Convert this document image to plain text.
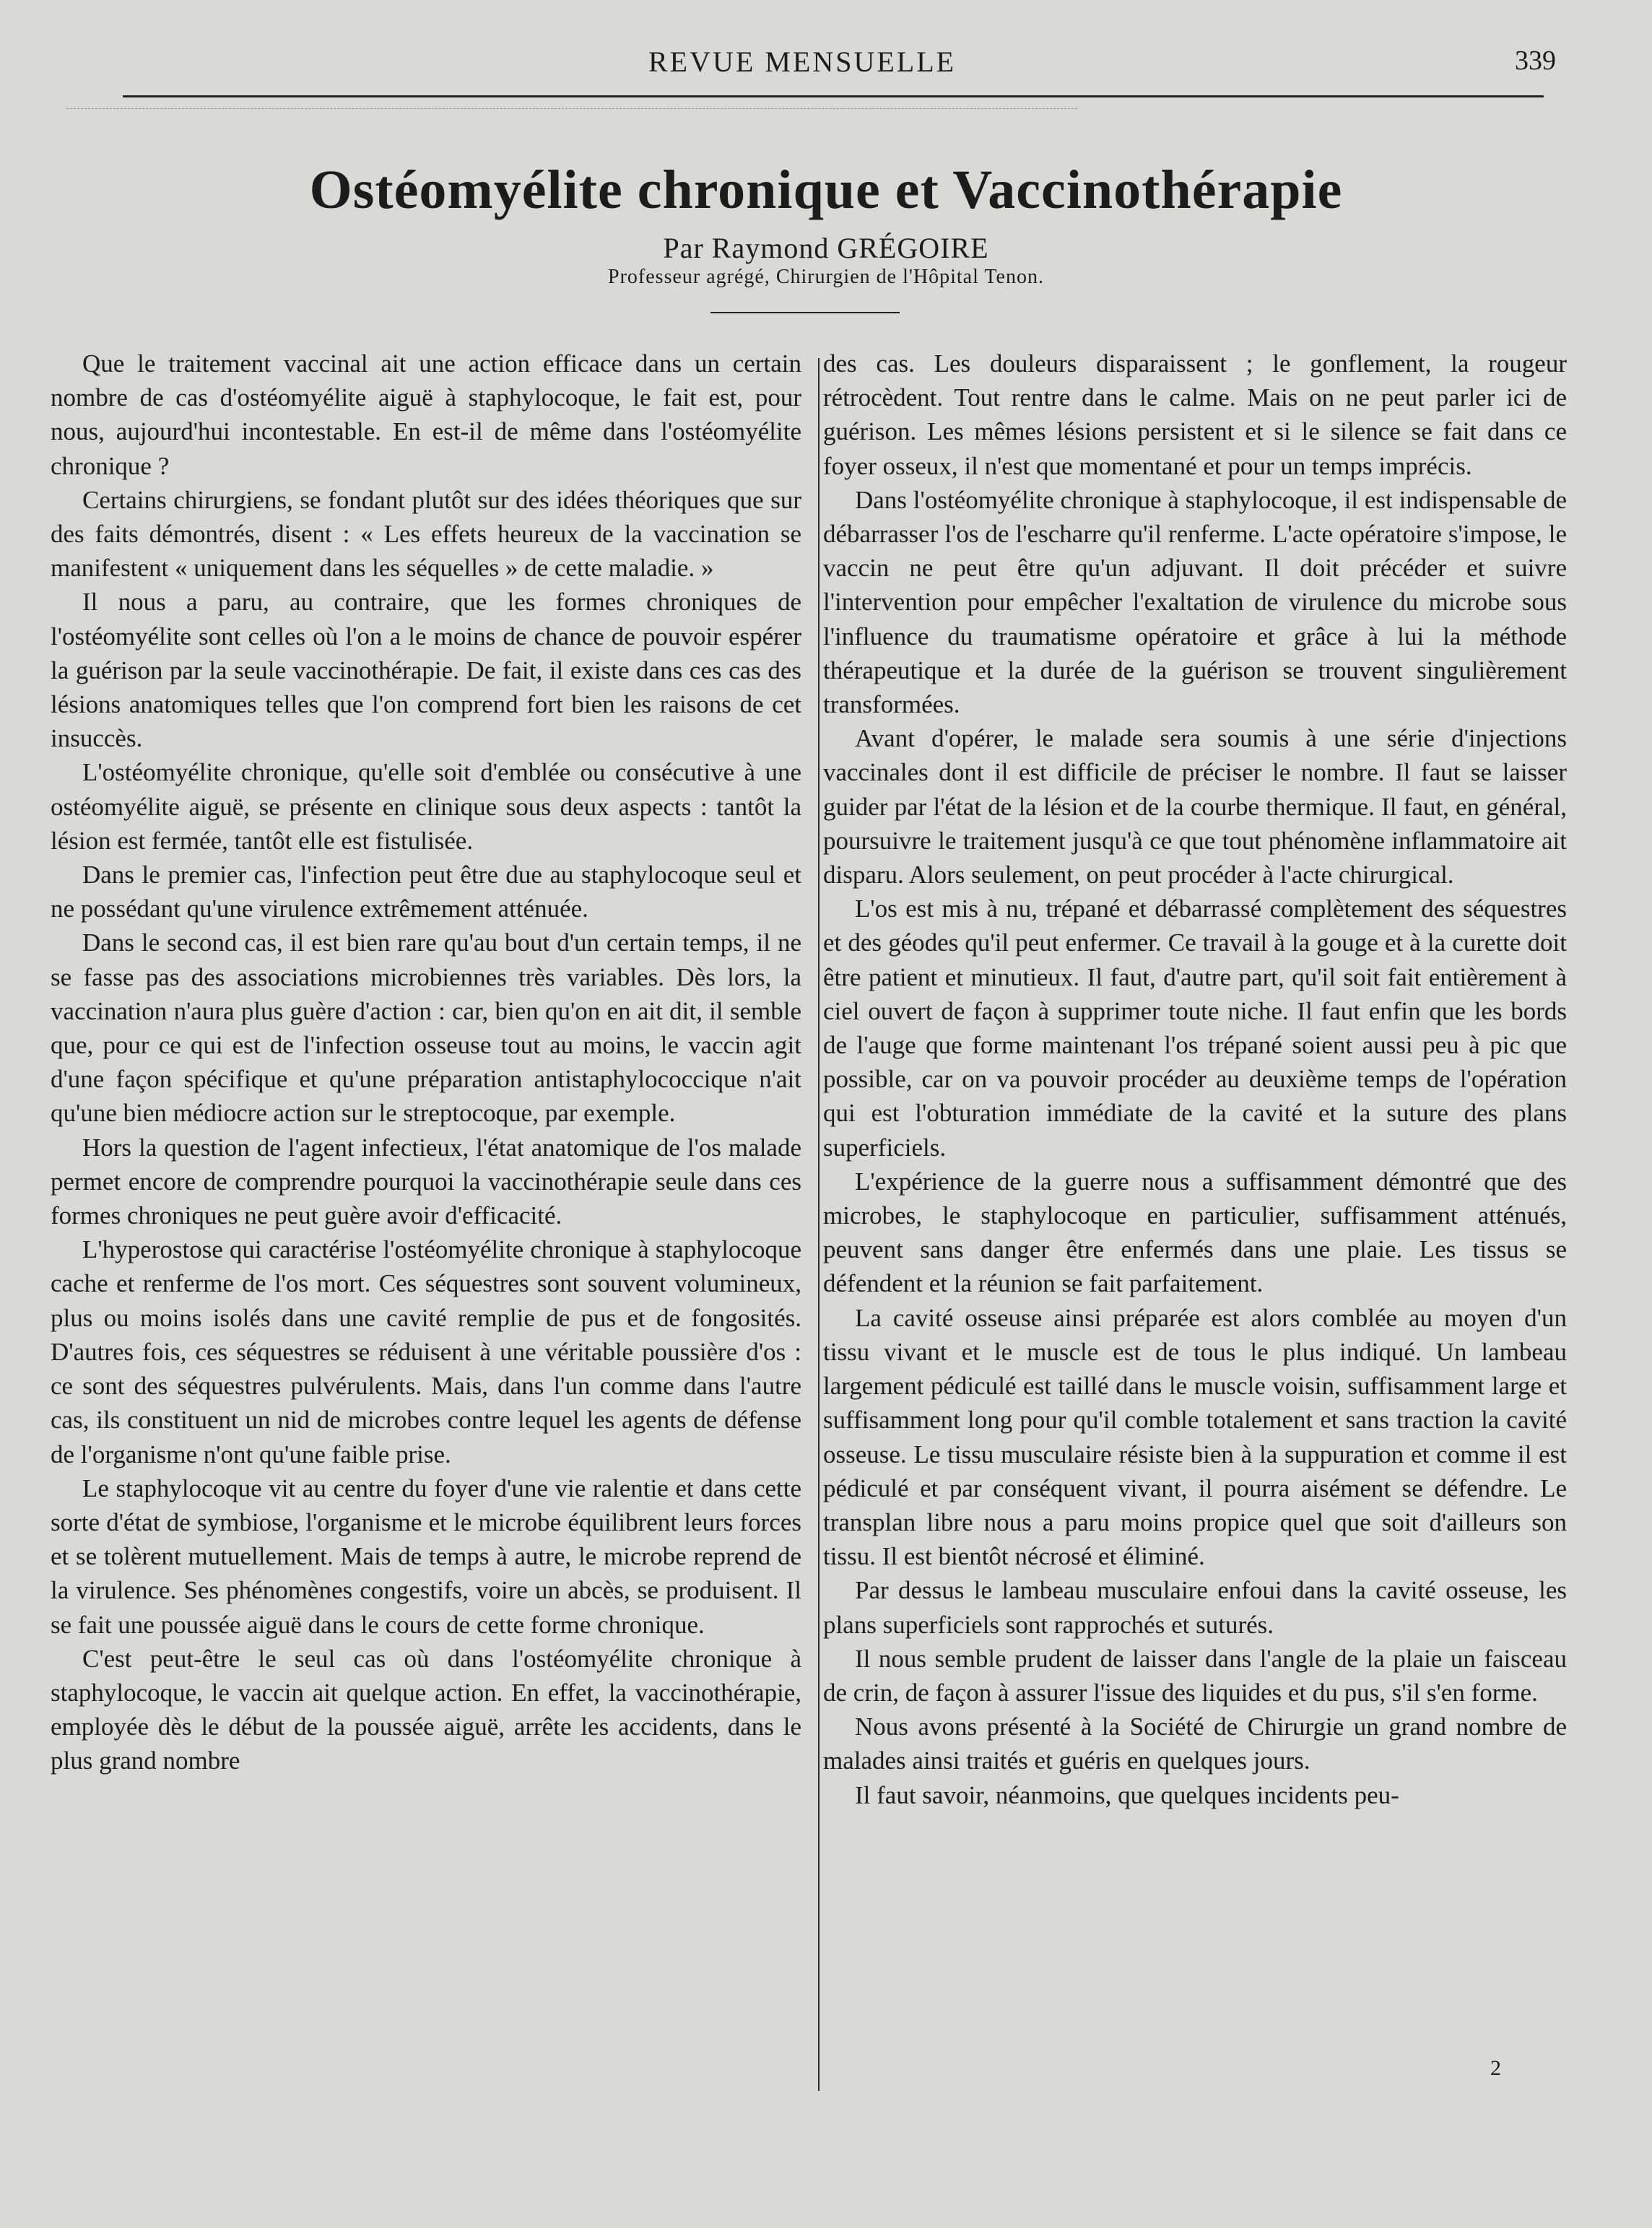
REVUE MENSUELLE	339
Ostéomyélite chronique et Vaccinothérapie
Par Raymond GRÉGOIRE
Professeur agrégé, Chirurgien de l'Hôpital Tenon.

Que le traitement vaccinal ait une action efficace dans un certain nombre de cas d'ostéomyélite aiguë à staphylocoque, le fait est, pour nous, aujourd'hui incontestable. En est-il de même dans l'ostéomyélite chronique ?

Certains chirurgiens, se fondant plutôt sur des idées théoriques que sur des faits démontrés, disent : « Les effets heureux de la vaccination se manifestent « uniquement dans les séquelles » de cette maladie. »

Il nous a paru, au contraire, que les formes chroniques de l'ostéomyélite sont celles où l'on a le moins de chance de pouvoir espérer la guérison par la seule vaccinothérapie. De fait, il existe dans ces cas des lésions anatomiques telles que l'on comprend fort bien les raisons de cet insuccès.

L'ostéomyélite chronique, qu'elle soit d'emblée ou consécutive à une ostéomyélite aiguë, se présente en clinique sous deux aspects : tantôt la lésion est fermée, tantôt elle est fistulisée.

Dans le premier cas, l'infection peut être due au staphylocoque seul et ne possédant qu'une virulence extrêmement atténuée.

Dans le second cas, il est bien rare qu'au bout d'un certain temps, il ne se fasse pas des associations microbiennes très variables. Dès lors, la vaccination n'aura plus guère d'action : car, bien qu'on en ait dit, il semble que, pour ce qui est de l'infection osseuse tout au moins, le vaccin agit d'une façon spécifique et qu'une préparation antistaphylococcique n'ait qu'une bien médiocre action sur le streptocoque, par exemple.

Hors la question de l'agent infectieux, l'état anatomique de l'os malade permet encore de comprendre pourquoi la vaccinothérapie seule dans ces formes chroniques ne peut guère avoir d'efficacité.

L'hyperostose qui caractérise l'ostéomyélite chronique à staphylocoque cache et renferme de l'os mort. Ces séquestres sont souvent volumineux, plus ou moins isolés dans une cavité remplie de pus et de fongosités. D'autres fois, ces séquestres se réduisent à une véritable poussière d'os : ce sont des séquestres pulvérulents. Mais, dans l'un comme dans l'autre cas, ils constituent un nid de microbes contre lequel les agents de défense de l'organisme n'ont qu'une faible prise.

Le staphylocoque vit au centre du foyer d'une vie ralentie et dans cette sorte d'état de symbiose, l'organisme et le microbe équilibrent leurs forces et se tolèrent mutuellement. Mais de temps à autre, le microbe reprend de la virulence. Ses phénomènes congestifs, voire un abcès, se produisent. Il se fait une poussée aiguë dans le cours de cette forme chronique.

C'est peut-être le seul cas où dans l'ostéomyélite chronique à staphylocoque, le vaccin ait quelque action. En effet, la vaccinothérapie, employée dès le début de la poussée aiguë, arrête les accidents, dans le plus grand nombre

des cas. Les douleurs disparaissent ; le gonflement, la rougeur rétrocèdent. Tout rentre dans le calme. Mais on ne peut parler ici de guérison. Les mêmes lésions persistent et si le silence se fait dans ce foyer osseux, il n'est que momentané et pour un temps imprécis.

Dans l'ostéomyélite chronique à staphylocoque, il est indispensable de débarrasser l'os de l'escharre qu'il renferme. L'acte opératoire s'impose, le vaccin ne peut être qu'un adjuvant. Il doit précéder et suivre l'intervention pour empêcher l'exaltation de virulence du microbe sous l'influence du traumatisme opératoire et grâce à lui la méthode thérapeutique et la durée de la guérison se trouvent singulièrement transformées.

Avant d'opérer, le malade sera soumis à une série d'injections vaccinales dont il est difficile de préciser le nombre. Il faut se laisser guider par l'état de la lésion et de la courbe thermique. Il faut, en général, poursuivre le traitement jusqu'à ce que tout phénomène inflammatoire ait disparu. Alors seulement, on peut procéder à l'acte chirurgical.

L'os est mis à nu, trépané et débarrassé complètement des séquestres et des géodes qu'il peut enfermer. Ce travail à la gouge et à la curette doit être patient et minutieux. Il faut, d'autre part, qu'il soit fait entièrement à ciel ouvert de façon à supprimer toute niche. Il faut enfin que les bords de l'auge que forme maintenant l'os trépané soient aussi peu à pic que possible, car on va pouvoir procéder au deuxième temps de l'opération qui est l'obturation immédiate de la cavité et la suture des plans superficiels.

L'expérience de la guerre nous a suffisamment démontré que des microbes, le staphylocoque en particulier, suffisamment atténués, peuvent sans danger être enfermés dans une plaie. Les tissus se défendent et la réunion se fait parfaitement.

La cavité osseuse ainsi préparée est alors comblée au moyen d'un tissu vivant et le muscle est de tous le plus indiqué. Un lambeau largement pédiculé est taillé dans le muscle voisin, suffisamment large et suffisamment long pour qu'il comble totalement et sans traction la cavité osseuse. Le tissu musculaire résiste bien à la suppuration et comme il est pédiculé et par conséquent vivant, il pourra aisément se défendre. Le transplan libre nous a paru moins propice quel que soit d'ailleurs son tissu. Il est bientôt nécrosé et éliminé.

Par dessus le lambeau musculaire enfoui dans la cavité osseuse, les plans superficiels sont rapprochés et suturés.

Il nous semble prudent de laisser dans l'angle de la plaie un faisceau de crin, de façon à assurer l'issue des liquides et du pus, s'il s'en forme.

Nous avons présenté à la Société de Chirurgie un grand nombre de malades ainsi traités et guéris en quelques jours.

Il faut savoir, néanmoins, que quelques incidents peu-

2
